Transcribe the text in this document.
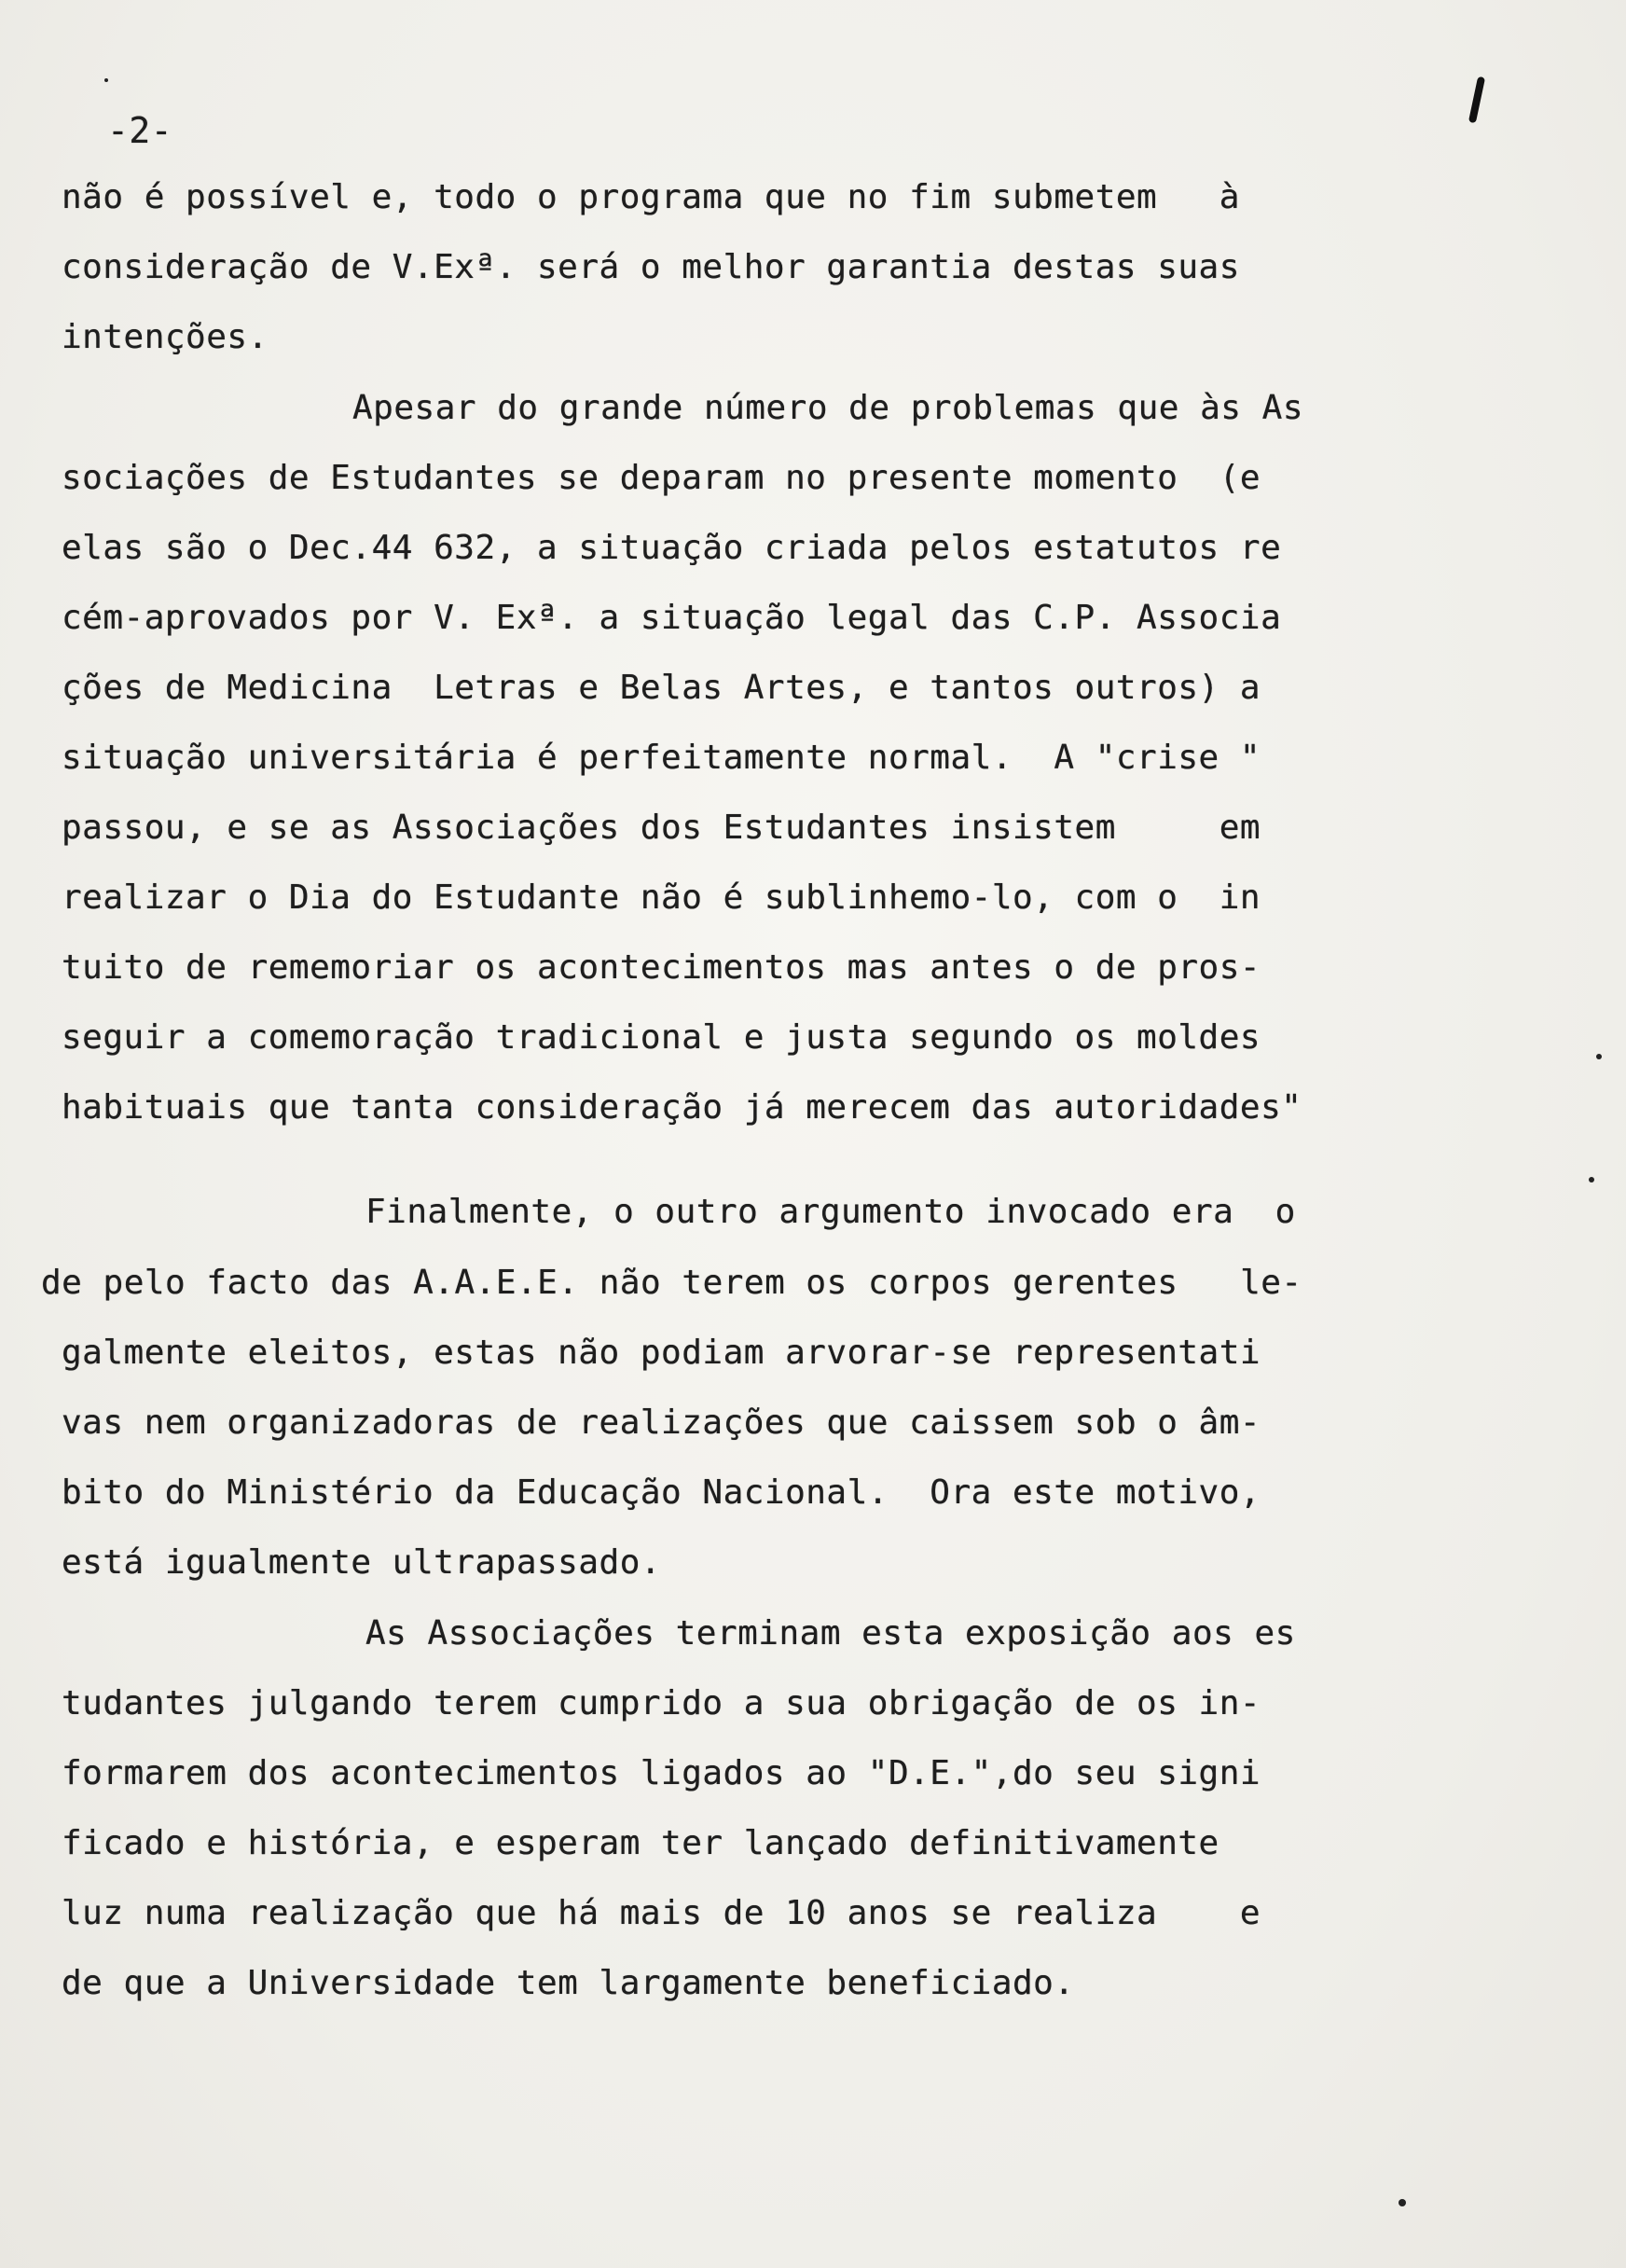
-2-
não é possível e, todo o programa que no fim submetem   à
consideração de V.Exª. será o melhor garantia destas suas
intenções.
Apesar do grande número de problemas que às As
sociações de Estudantes se deparam no presente momento  (e
elas são o Dec.44 632, a situação criada pelos estatutos re
cém-aprovados por V. Exª. a situação legal das C.P. Associa
ções de Medicina  Letras e Belas Artes, e tantos outros) a
situação universitária é perfeitamente normal.  A "crise "
passou, e se as Associações dos Estudantes insistem     em
realizar o Dia do Estudante não é sublinhemo-lo, com o  in
tuito de rememoriar os acontecimentos mas antes o de pros-
seguir a comemoração tradicional e justa segundo os moldes
habituais que tanta consideração já merecem das autoridades"
Finalmente, o outro argumento invocado era  o
de pelo facto das A.A.E.E. não terem os corpos gerentes   le-
galmente eleitos, estas não podiam arvorar-se representati
vas nem organizadoras de realizações que caissem sob o âm-
bito do Ministério da Educação Nacional.  Ora este motivo,
está igualmente ultrapassado.
As Associações terminam esta exposição aos es
tudantes julgando terem cumprido a sua obrigação de os in-
formarem dos acontecimentos ligados ao "D.E.",do seu signi
ficado e história, e esperam ter lançado definitivamente
luz numa realização que há mais de 10 anos se realiza    e
de que a Universidade tem largamente beneficiado.
